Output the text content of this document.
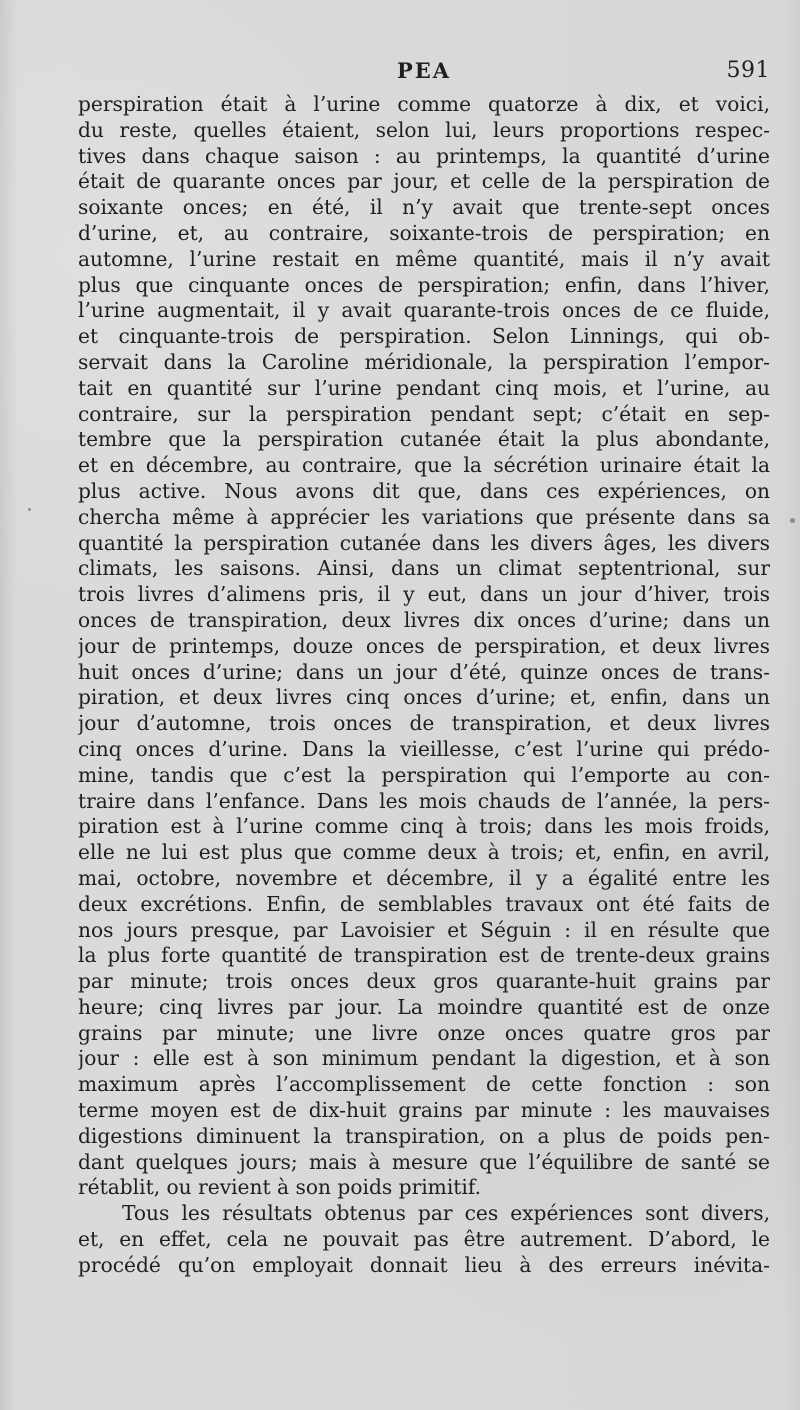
PEA	591
perspiration était à l’urine comme quatorze à dix, et voici,
du reste, quelles étaient, selon lui, leurs proportions respec-
tives dans chaque saison : au printemps, la quantité d’urine
était de quarante onces par jour, et celle de la perspiration de
soixante onces; en été, il n’y avait que trente-sept onces
d’urine, et, au contraire, soixante-trois de perspiration; en
automne, l’urine restait en même quantité, mais il n’y avait
plus que cinquante onces de perspiration; enfin, dans l’hiver,
l’urine augmentait, il y avait quarante-trois onces de ce fluide,
et cinquante-trois de perspiration. Selon Linnings, qui ob-
servait dans la Caroline méridionale, la perspiration l’empor-
tait en quantité sur l’urine pendant cinq mois, et l’urine, au
contraire, sur la perspiration pendant sept; c’était en sep-
tembre que la perspiration cutanée était la plus abondante,
et en décembre, au contraire, que la sécrétion urinaire était la
plus active. Nous avons dit que, dans ces expériences, on
chercha même à apprécier les variations que présente dans sa
quantité la perspiration cutanée dans les divers âges, les divers
climats, les saisons. Ainsi, dans un climat septentrional, sur
trois livres d’alimens pris, il y eut, dans un jour d’hiver, trois
onces de transpiration, deux livres dix onces d’urine; dans un
jour de printemps, douze onces de perspiration, et deux livres
huit onces d’urine; dans un jour d’été, quinze onces de trans-
piration, et deux livres cinq onces d’urine; et, enfin, dans un
jour d’automne, trois onces de transpiration, et deux livres
cinq onces d’urine. Dans la vieillesse, c’est l’urine qui prédo-
mine, tandis que c’est la perspiration qui l’emporte au con-
traire dans l’enfance. Dans les mois chauds de l’année, la pers-
piration est à l’urine comme cinq à trois; dans les mois froids,
elle ne lui est plus que comme deux à trois; et, enfin, en avril,
mai, octobre, novembre et décembre, il y a égalité entre les
deux excrétions. Enfin, de semblables travaux ont été faits de
nos jours presque, par Lavoisier et Séguin : il en résulte que
la plus forte quantité de transpiration est de trente-deux grains
par minute; trois onces deux gros quarante-huit grains par
heure; cinq livres par jour. La moindre quantité est de onze
grains par minute; une livre onze onces quatre gros par
jour : elle est à son minimum pendant la digestion, et à son
maximum après l’accomplissement de cette fonction : son
terme moyen est de dix-huit grains par minute : les mauvaises
digestions diminuent la transpiration, on a plus de poids pen-
dant quelques jours; mais à mesure que l’équilibre de santé se
rétablit, ou revient à son poids primitif.
Tous les résultats obtenus par ces expériences sont divers,
et, en effet, cela ne pouvait pas être autrement. D’abord, le
procédé qu’on employait donnait lieu à des erreurs inévita-
